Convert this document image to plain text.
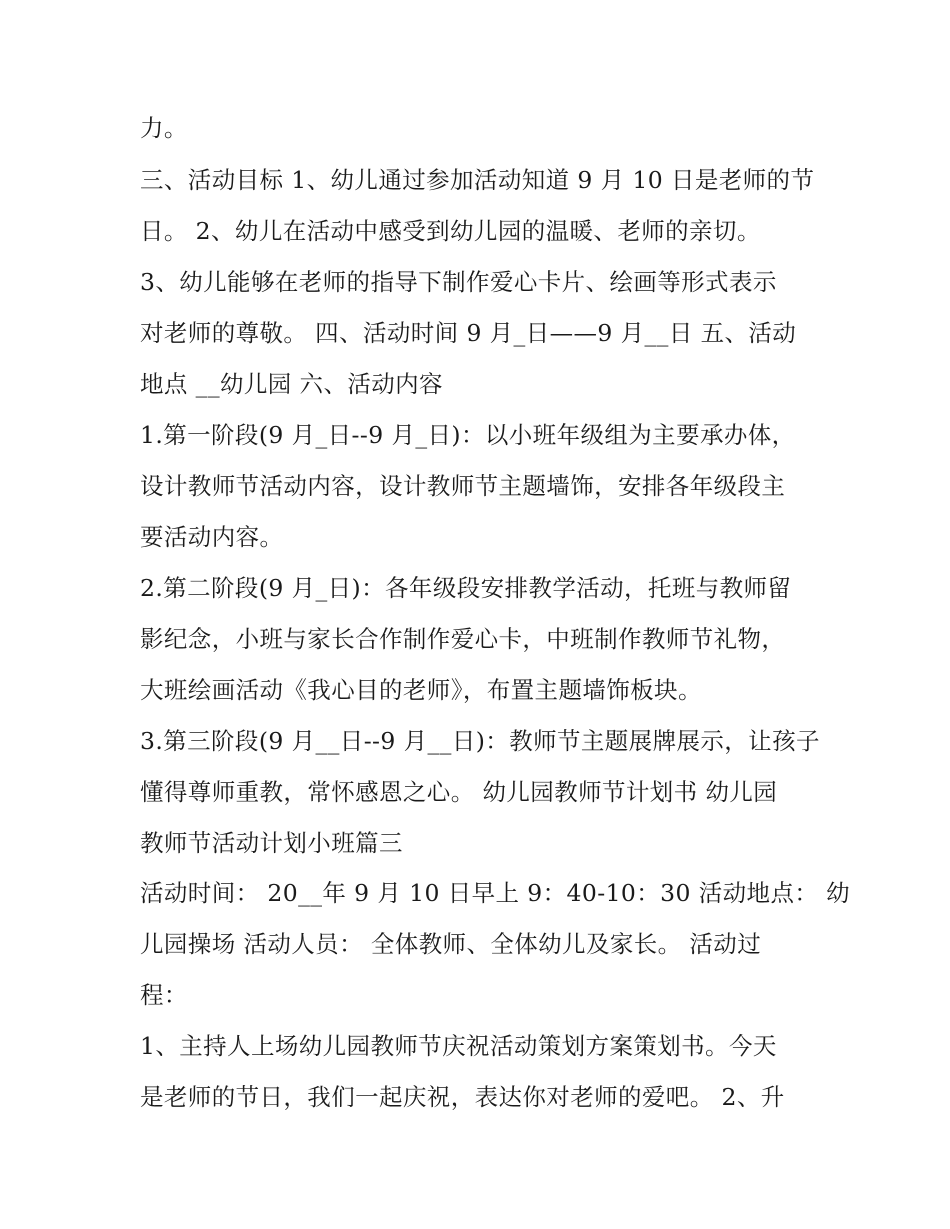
力。
三、活动目标 1、幼儿通过参加活动知道 9 月 10 日是老师的节
日。 2、幼儿在活动中感受到幼儿园的温暖、老师的亲切。
3、幼儿能够在老师的指导下制作爱心卡片、绘画等形式表示
对老师的尊敬。 四、活动时间 9 月_日——9 月__日 五、活动
地点 __幼儿园 六、活动内容
1.第一阶段(9 月_日--9 月_日)：以小班年级组为主要承办体，
设计教师节活动内容，设计教师节主题墙饰，安排各年级段主
要活动内容。
2.第二阶段(9 月_日)：各年级段安排教学活动，托班与教师留
影纪念，小班与家长合作制作爱心卡，中班制作教师节礼物，
大班绘画活动《我心目的老师》，布置主题墙饰板块。
3.第三阶段(9 月__日--9 月__日)：教师节主题展牌展示，让孩子
懂得尊师重教，常怀感恩之心。 幼儿园教师节计划书 幼儿园
教师节活动计划小班篇三
活动时间： 20__年 9 月 10 日早上 9：40-10：30 活动地点： 幼
儿园操场 活动人员： 全体教师、全体幼儿及家长。 活动过
程：
1、主持人上场幼儿园教师节庆祝活动策划方案策划书。今天
是老师的节日，我们一起庆祝，表达你对老师的爱吧。 2、升
